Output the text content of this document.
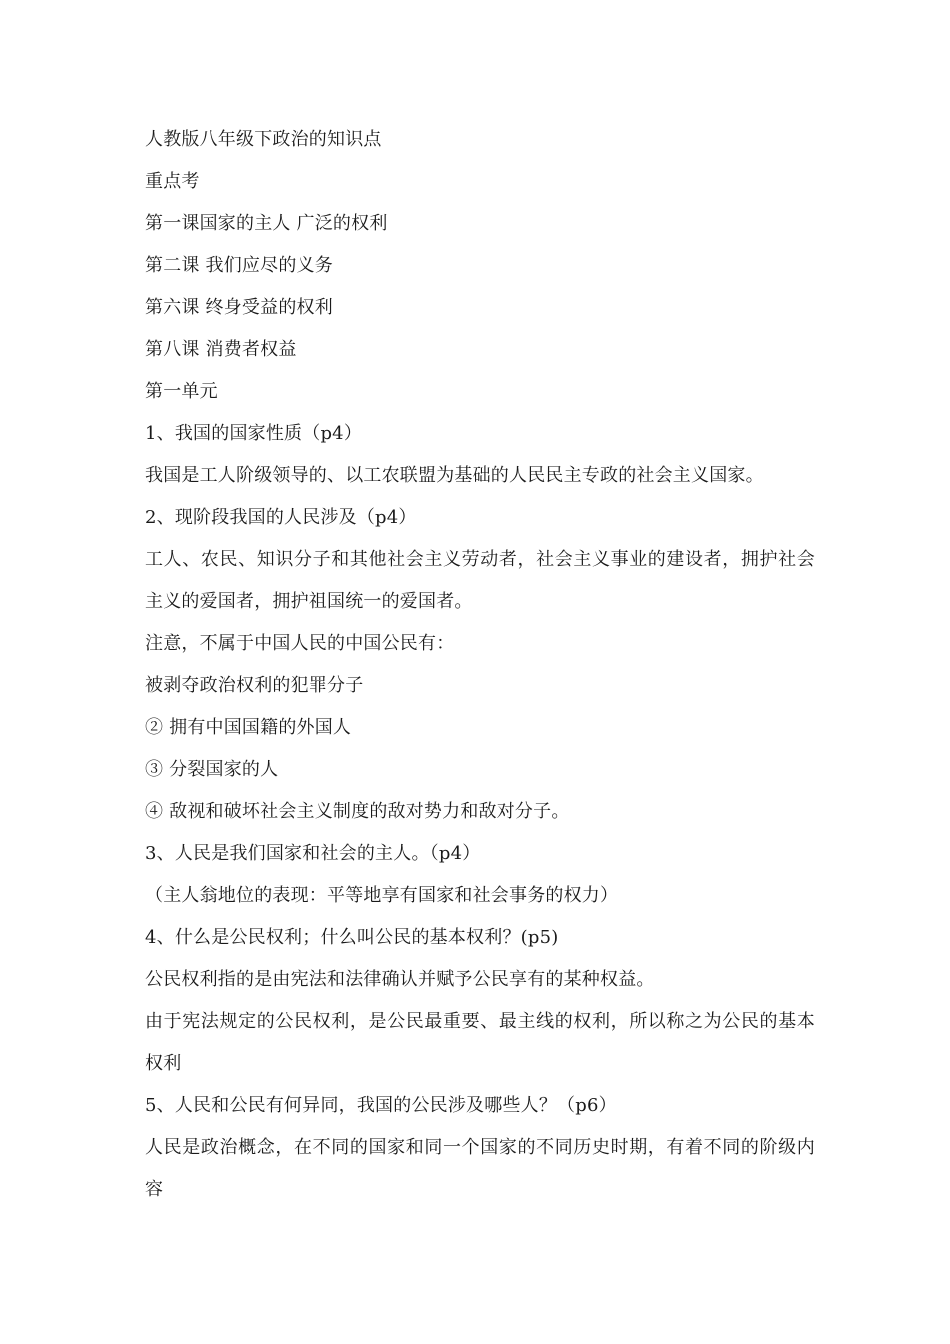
人教版八年级下政治的知识点
重点考
第一课国家的主人 广泛的权利
第二课 我们应尽的义务
第六课 终身受益的权利
第八课 消费者权益
第一单元
1、我国的国家性质（p4）
我国是工人阶级领导的、以工农联盟为基础的人民民主专政的社会主义国家。
2、现阶段我国的人民涉及（p4）
工人、农民、知识分子和其他社会主义劳动者，社会主义事业的建设者，拥护社会主义的爱国者，拥护祖国统一的爱国者。
注意，不属于中国人民的中国公民有：
被剥夺政治权利的犯罪分子
② 拥有中国国籍的外国人
③ 分裂国家的人
④ 敌视和破坏社会主义制度的敌对势力和敌对分子。
3、人民是我们国家和社会的主人。（p4）
（主人翁地位的表现：平等地享有国家和社会事务的权力）
4、什么是公民权利；什么叫公民的基本权利？(p5)
公民权利指的是由宪法和法律确认并赋予公民享有的某种权益。
由于宪法规定的公民权利，是公民最重要、最主线的权利，所以称之为公民的基本权利
5、人民和公民有何异同，我国的公民涉及哪些人？（p6）
人民是政治概念，在不同的国家和同一个国家的不同历史时期，有着不同的阶级内容
